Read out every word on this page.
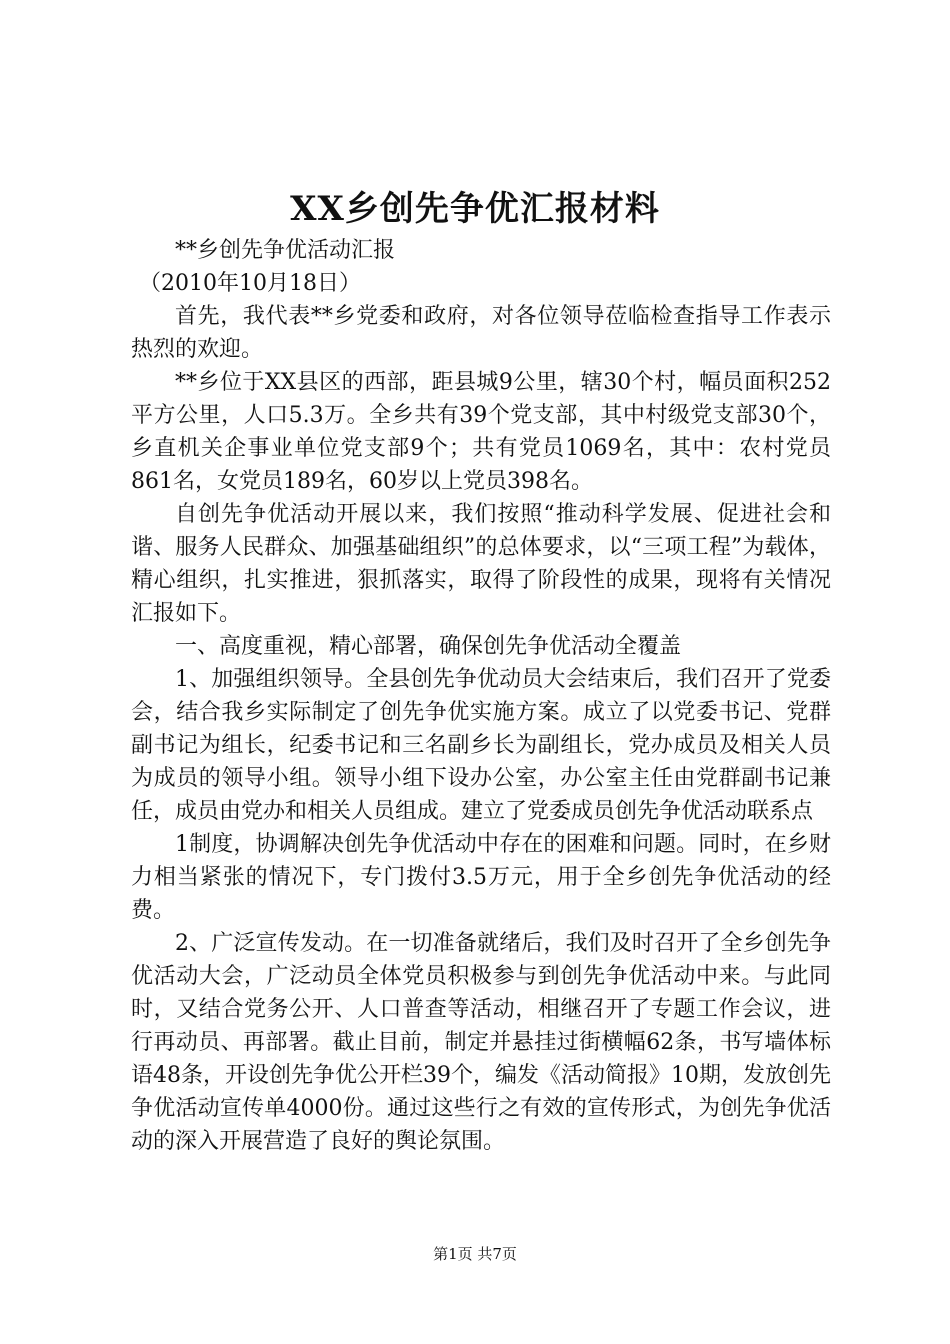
XX乡创先争优汇报材料

**乡创先争优活动汇报

（2010年10月18日）

首先，我代表**乡党委和政府，对各位领导莅临检查指导工作表示热烈的欢迎。

**乡位于XX县区的西部，距县城9公里，辖30个村，幅员面积252平方公里，人口5.3万。全乡共有39个党支部，其中村级党支部30个，乡直机关企事业单位党支部9个；共有党员1069名，其中：农村党员861名，女党员189名，60岁以上党员398名。

自创先争优活动开展以来，我们按照“推动科学发展、促进社会和谐、服务人民群众、加强基础组织”的总体要求，以“三项工程”为载体，精心组织，扎实推进，狠抓落实，取得了阶段性的成果，现将有关情况汇报如下。

一、高度重视，精心部署，确保创先争优活动全覆盖

1、加强组织领导。全县创先争优动员大会结束后，我们召开了党委会，结合我乡实际制定了创先争优实施方案。成立了以党委书记、党群副书记为组长，纪委书记和三名副乡长为副组长，党办成员及相关人员为成员的领导小组。领导小组下设办公室，办公室主任由党群副书记兼任，成员由党办和相关人员组成。建立了党委成员创先争优活动联系点

1制度，协调解决创先争优活动中存在的困难和问题。同时，在乡财力相当紧张的情况下，专门拨付3.5万元，用于全乡创先争优活动的经费。

2、广泛宣传发动。在一切准备就绪后，我们及时召开了全乡创先争优活动大会，广泛动员全体党员积极参与到创先争优活动中来。与此同时，又结合党务公开、人口普查等活动，相继召开了专题工作会议，进行再动员、再部署。截止目前，制定并悬挂过街横幅62条，书写墙体标语48条，开设创先争优公开栏39个，编发《活动简报》10期，发放创先争优活动宣传单4000份。通过这些行之有效的宣传形式，为创先争优活动的深入开展营造了良好的舆论氛围。

第1页 共7页
